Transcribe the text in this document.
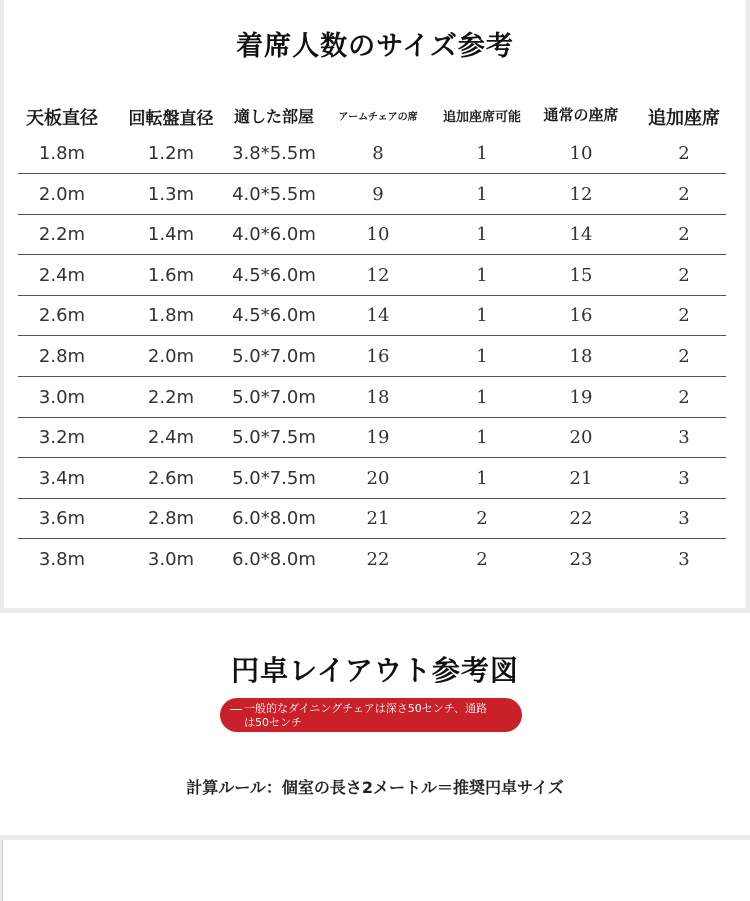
着席人数のサイズ参考
天板直径	回転盤直径	適した部屋	アームチェアの席	追加座席可能	通常の座席	追加座席
1.8m	1.2m	3.8*5.5m	8	1	10	2
2.0m	1.3m	4.0*5.5m	9	1	12	2
2.2m	1.4m	4.0*6.0m	10	1	14	2
2.4m	1.6m	4.5*6.0m	12	1	15	2
2.6m	1.8m	4.5*6.0m	14	1	16	2
2.8m	2.0m	5.0*7.0m	16	1	18	2
3.0m	2.2m	5.0*7.0m	18	1	19	2
3.2m	2.4m	5.0*7.5m	19	1	20	3
3.4m	2.6m	5.0*7.5m	20	1	21	3
3.6m	2.8m	6.0*8.0m	21	2	22	3
3.8m	3.0m	6.0*8.0m	22	2	23	3
円卓レイアウト参考図
一般的なダイニングチェアは深さ50センチ、通路
は50センチ
計算ルール：個室の長さ2メートル＝推奨円卓サイズ
